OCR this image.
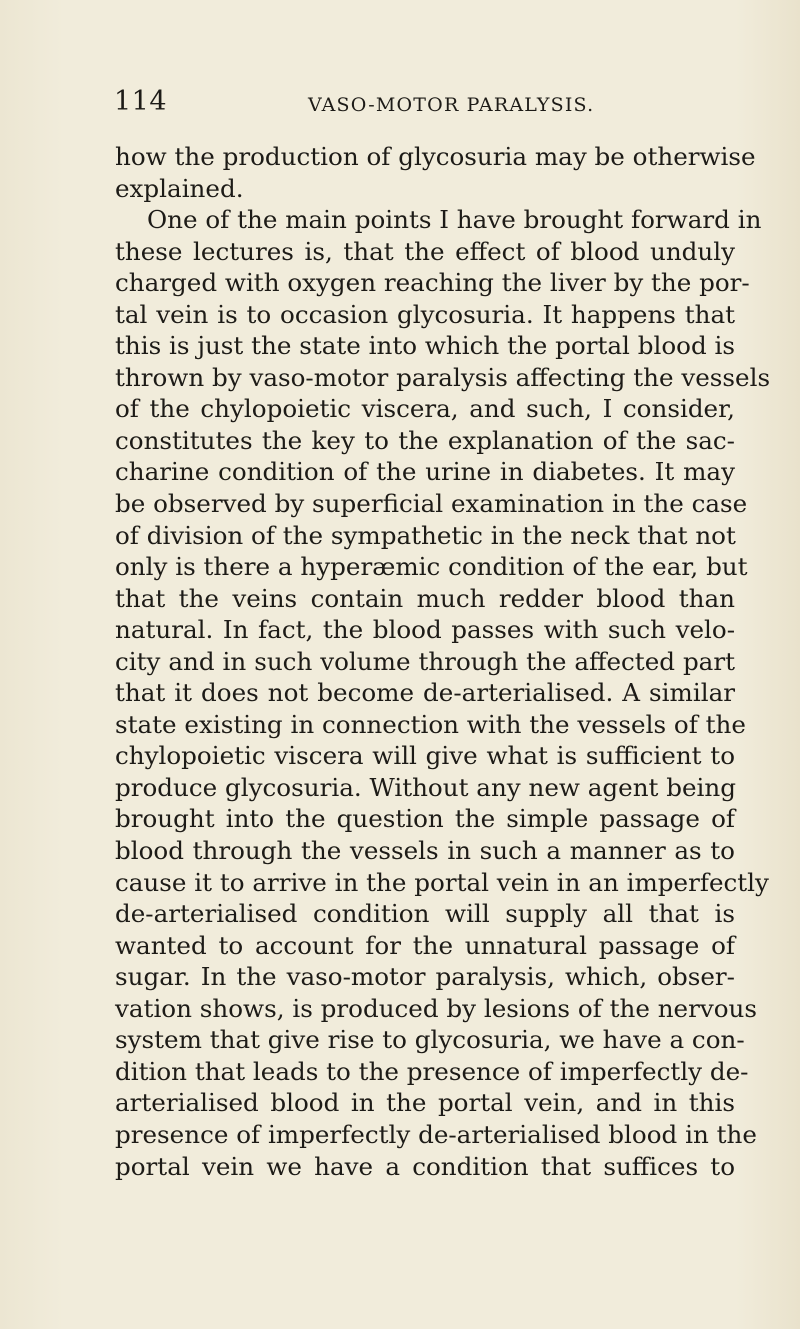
114	VASO-MOTOR PARALYSIS.
how the production of glycosuria may be otherwise
explained.
One of the main points I have brought forward in
these lectures is, that the effect of blood unduly
charged with oxygen reaching the liver by the por-
tal vein is to occasion glycosuria. It happens that
this is just the state into which the portal blood is
thrown by vaso-motor paralysis affecting the vessels
of the chylopoietic viscera, and such, I consider,
constitutes the key to the explanation of the sac-
charine condition of the urine in diabetes. It may
be observed by superficial examination in the case
of division of the sympathetic in the neck that not
only is there a hyperæmic condition of the ear, but
that the veins contain much redder blood than
natural. In fact, the blood passes with such velo-
city and in such volume through the affected part
that it does not become de-arterialised. A similar
state existing in connection with the vessels of the
chylopoietic viscera will give what is sufficient to
produce glycosuria. Without any new agent being
brought into the question the simple passage of
blood through the vessels in such a manner as to
cause it to arrive in the portal vein in an imperfectly
de-arterialised condition will supply all that is
wanted to account for the unnatural passage of
sugar. In the vaso-motor paralysis, which, obser-
vation shows, is produced by lesions of the nervous
system that give rise to glycosuria, we have a con-
dition that leads to the presence of imperfectly de-
arterialised blood in the portal vein, and in this
presence of imperfectly de-arterialised blood in the
portal vein we have a condition that suffices to
